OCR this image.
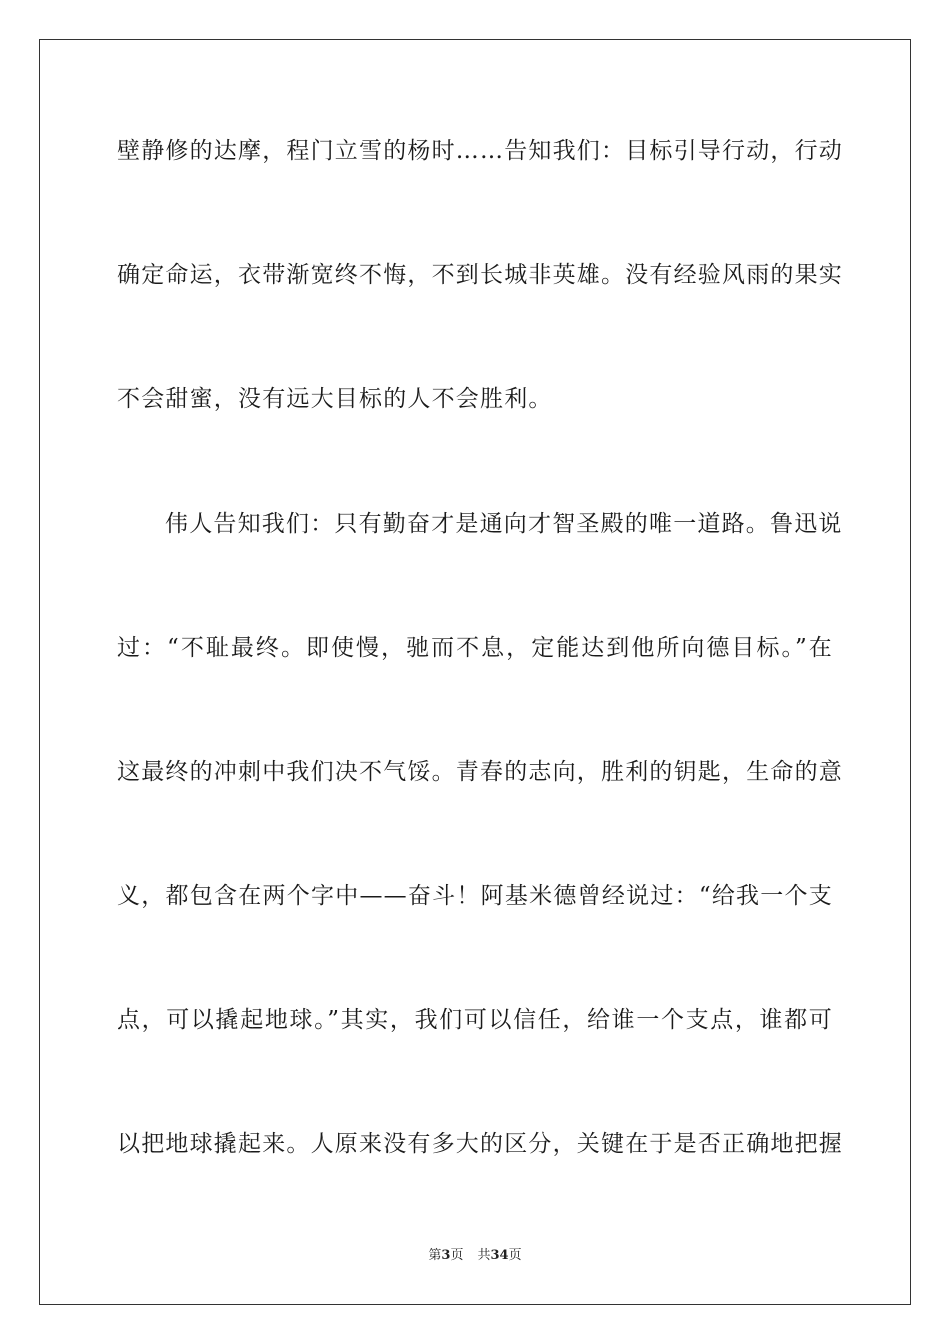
壁静修的达摩，程门立雪的杨时……告知我们：目标引导行动，行动
确定命运，衣带渐宽终不悔，不到长城非英雄。没有经验风雨的果实
不会甜蜜，没有远大目标的人不会胜利。
伟人告知我们：只有勤奋才是通向才智圣殿的唯一道路。鲁迅说
过：“不耻最终。即使慢，驰而不息，定能达到他所向德目标。”在
这最终的冲刺中我们决不气馁。青春的志向，胜利的钥匙，生命的意
义，都包含在两个字中——奋斗！阿基米德曾经说过：“给我一个支
点，可以撬起地球。”其实，我们可以信任，给谁一个支点，谁都可
以把地球撬起来。人原来没有多大的区分，关键在于是否正确地把握
第3页 共34页
